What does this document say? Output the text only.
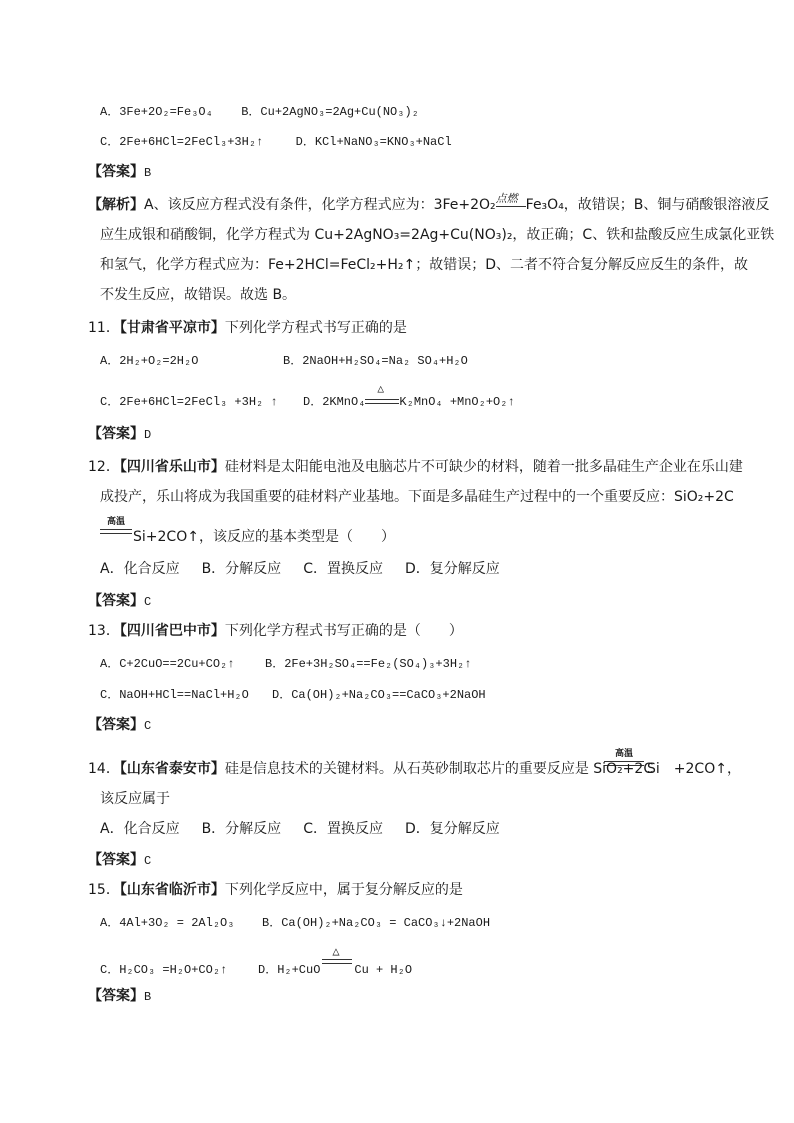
A．3Fe+2O₂=Fe₃O₄ B．Cu+2AgNO₃=2Ag+Cu(NO₃)₂
C．2Fe+6HCl=2FeCl₃+3H₂↑	D．KCl+NaNO₃=KNO₃+NaCl
【答案】B
【解析】A、该反应方程式没有条件，化学方程式应为：3Fe+2O₂ 点燃 Fe₃O₄，故错误；B、铜与硝酸银溶液反
应生成银和硝酸铜，化学方程式为 Cu+2AgNO₃=2Ag+Cu(NO₃)₂，故正确；C、铁和盐酸反应生成氯化亚铁
和氢气，化学方程式应为：Fe+2HCl=FeCl₂+H₂↑；故错误；D、二者不符合复分解反应反生的条件，故
不发生反应，故错误。故选 B。
11．【甘肃省平凉市】下列化学方程式书写正确的是
A．2H₂+O₂=2H₂O	B．2NaOH+H₂SO₄=Na₂ SO₄+H₂O
C．2Fe+6HCl=2FeCl₃ +3H₂ ↑ D．2KMnO₄
△
K₂MnO₄ +MnO₂+O₂↑
【答案】D
12．【四川省乐山市】硅材料是太阳能电池及电脑芯片不可缺少的材料，随着一批多晶硅生产企业在乐山建
成投产，乐山将成为我国重要的硅材料产业基地。下面是多晶硅生产过程中的一个重要反应：SiO₂+2C
高温
Si+2CO↑，该反应的基本类型是（　　）
A．化合反应 B．分解反应 C．置换反应 D．复分解反应
【答案】C
13．【四川省巴中市】下列化学方程式书写正确的是（　　）
A．C+2CuO==2Cu+CO₂↑	B．2Fe+3H₂SO₄==Fe₂(SO₄)₃+3H₂↑
C．NaOH+HCl==NaCl+H₂O D．Ca(OH)₂+Na₂CO₃==CaCO₃+2NaOH
【答案】C
高温
14．【山东省泰安市】硅是信息技术的关键材料。从石英砂制取芯片的重要反应是 SiO₂+2C
Si　+2CO↑，
该反应属于
A．化合反应 B．分解反应 C．置换反应 D．复分解反应
【答案】C
15．【山东省临沂市】下列化学反应中，属于复分解反应的是
A．4Al+3O₂ = 2Al₂O₃ B．Ca(OH)₂+Na₂CO₃ = CaCO₃↓+2NaOH
C．H₂CO₃ =H₂O+CO₂↑	D．H₂+CuO
△
Cu + H₂O
【答案】B
